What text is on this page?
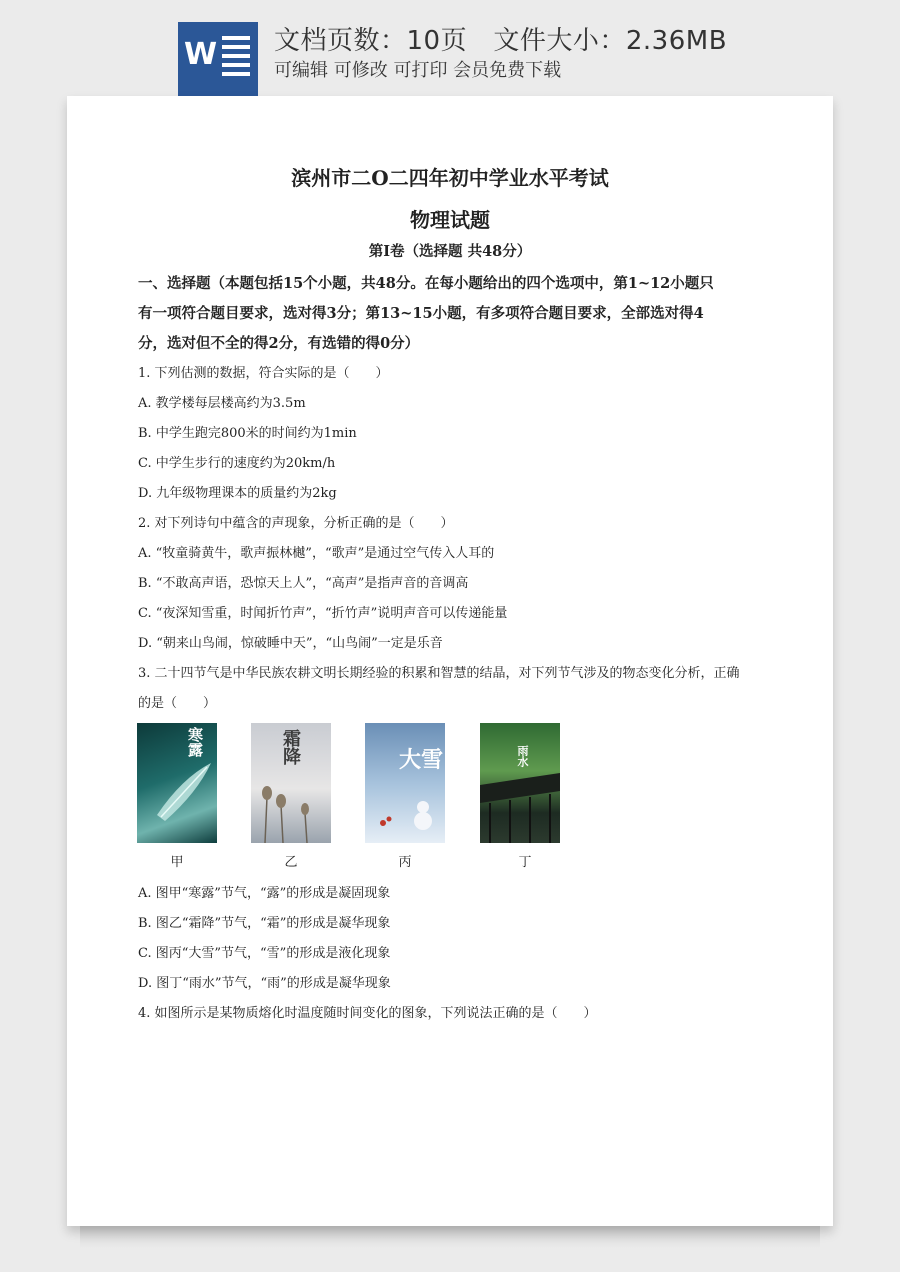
W 文档页数：10页   文件大小：2.36MB
可编辑 可修改 可打印 会员免费下载
滨州市二O二四年初中学业水平考试
物理试题
第Ⅰ卷（选择题 共48分）
一、选择题（本题包括15个小题，共48分。在每小题给出的四个选项中，第1~12小题只
有一项符合题目要求，选对得3分；第13~15小题，有多项符合题目要求，全部选对得4
分，选对但不全的得2分，有选错的得0分）
1. 下列估测的数据，符合实际的是（　　）
A. 教学楼每层楼高约为3.5m
B. 中学生跑完800米的时间约为1min
C. 中学生步行的速度约为20km/h
D. 九年级物理课本的质量约为2kg
2. 对下列诗句中蕴含的声现象，分析正确的是（　　）
A. “牧童骑黄牛，歌声振林樾”，“歌声”是通过空气传入人耳的
B. “不敢高声语，恐惊天上人”，“高声”是指声音的音调高
C. “夜深知雪重，时闻折竹声”，“折竹声”说明声音可以传递能量
D. “朝来山鸟闹，惊破睡中天”，“山鸟闹”一定是乐音
3. 二十四节气是中华民族农耕文明长期经验的积累和智慧的结晶，对下列节气涉及的物态变化分析，正确
的是（　　）
寒露	霜降	大雪	雨水
甲	乙	丙	丁
A. 图甲“寒露”节气，“露”的形成是凝固现象
B. 图乙“霜降”节气，“霜”的形成是凝华现象
C. 图丙“大雪”节气，“雪”的形成是液化现象
D. 图丁“雨水”节气，“雨”的形成是凝华现象
4. 如图所示是某物质熔化时温度随时间变化的图象，下列说法正确的是（　　）
